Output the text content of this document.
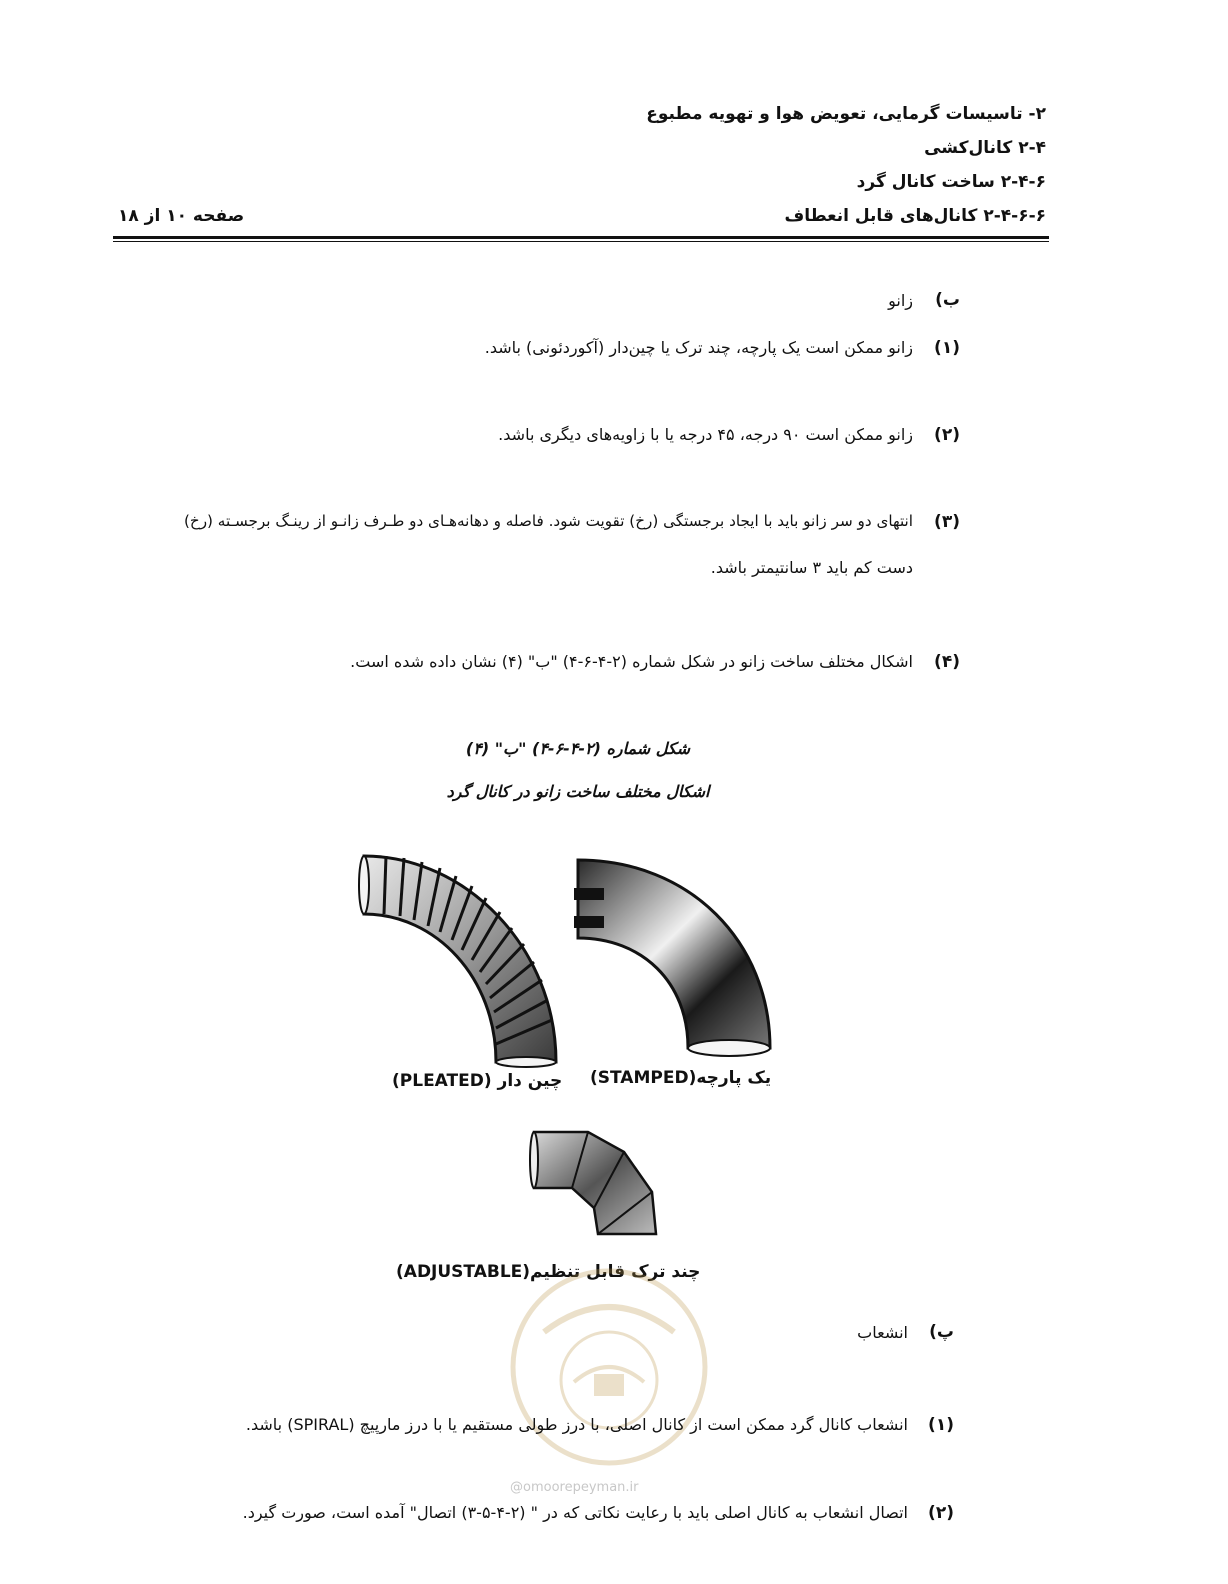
۲- تاسیسات گرمایی، تعویض هوا و تهویه مطبوع
۲-۴ کانال‌کشی
۲-۴-۶ ساخت کانال گرد
۲-۴-۶-۶ کانال‌های قابل انعطاف
صفحه ۱۰ از ۱۸
ب)
زانو
(۱)
زانو ممکن است یک پارچه، چند ترک یا چین‌دار (آکوردئونی) باشد.
(۲)
زانو ممکن است ۹۰ درجه، ۴۵ درجه یا با زاویه‌های دیگری باشد.
(۳)
انتهای دو سر زانو باید با ایجاد برجستگی (رخ) تقویت شود. فاصله و دهانه‌هـای دو طـرف زانـو از رینـگ برجسـته (رخ)
دست کم باید ۳ سانتیمتر باشد.
(۴)
اشکال مختلف ساخت زانو در شکل شماره (۲-۴-۶-۴) "ب" (۴) نشان داده شده است.
شکل شماره (۲-۴-۶-۴) "ب" (۴)
اشکال مختلف ساخت زانو در کانال گرد
چین دار (PLEATED) یک پارچه(STAMPED)
چند ترک قابل تنظیم(ADJUSTABLE)
@omoorepeyman.ir
پ)
انشعاب
(۱)
انشعاب کانال گرد ممکن است از کانال اصلی، با درز طولی مستقیم یا با درز مارپیچ (SPIRAL) باشد.
(۲)
اتصال انشعاب به کانال اصلی باید با رعایت نکاتی که در " (۲-۴-۵-۳) اتصال" آمده است، صورت گیرد.
